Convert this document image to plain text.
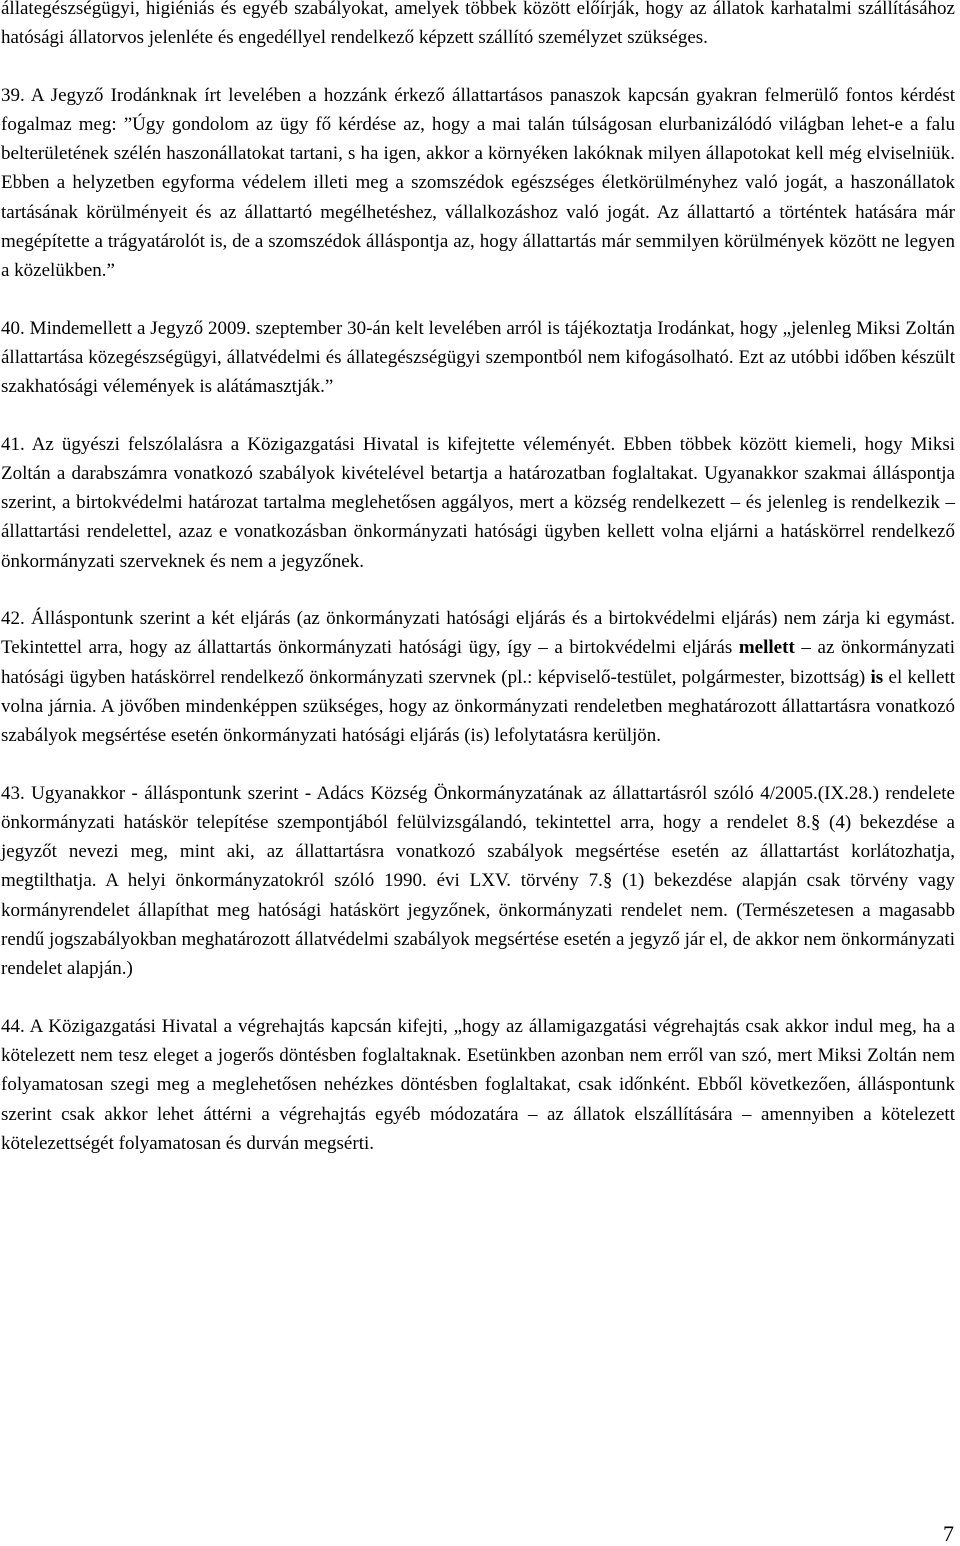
állategészségügyi, higiéniás és egyéb szabályokat, amelyek többek között előírják, hogy az állatok karhatalmi szállításához hatósági állatorvos jelenléte és engedéllyel rendelkező képzett szállító személyzet szükséges.

39. A Jegyző Irodánknak írt levelében a hozzánk érkező állattartásos panaszok kapcsán gyakran felmerülő fontos kérdést fogalmaz meg: ”Úgy gondolom az ügy fő kérdése az, hogy a mai talán túlságosan elurbanizálódó világban lehet-e a falu belterületének szélén haszonállatokat tartani, s ha igen, akkor a környéken lakóknak milyen állapotokat kell még elviselniük. Ebben a helyzetben egyforma védelem illeti meg a szomszédok egészséges életkörülményhez való jogát, a haszonállatok tartásának körülményeit és az állattartó megélhetéshez, vállalkozáshoz való jogát. Az állattartó a történtek hatására már megépítette a trágyatárolót is, de a szomszédok álláspontja az, hogy állattartás már semmilyen körülmények között ne legyen a közelükben.”

40. Mindemellett a Jegyző 2009. szeptember 30-án kelt levelében arról is tájékoztatja Irodánkat, hogy „jelenleg Miksi Zoltán állattartása közegészségügyi, állatvédelmi és állategészségügyi szempontból nem kifogásolható. Ezt az utóbbi időben készült szakhatósági vélemények is alátámasztják.”

41. Az ügyészi felszólalásra a Közigazgatási Hivatal is kifejtette véleményét. Ebben többek között kiemeli, hogy Miksi Zoltán a darabszámra vonatkozó szabályok kivételével betartja a határozatban foglaltakat. Ugyanakkor szakmai álláspontja szerint, a birtokvédelmi határozat tartalma meglehetősen aggályos, mert a község rendelkezett – és jelenleg is rendelkezik – állattartási rendelettel, azaz e vonatkozásban önkormányzati hatósági ügyben kellett volna eljárni a hatáskörrel rendelkező önkormányzati szerveknek és nem a jegyzőnek.

42. Álláspontunk szerint a két eljárás (az önkormányzati hatósági eljárás és a birtokvédelmi eljárás) nem zárja ki egymást. Tekintettel arra, hogy az állattartás önkormányzati hatósági ügy, így – a birtokvédelmi eljárás mellett – az önkormányzati hatósági ügyben hatáskörrel rendelkező önkormányzati szervnek (pl.: képviselő-testület, polgármester, bizottság) is el kellett volna járnia. A jövőben mindenképpen szükséges, hogy az önkormányzati rendeletben meghatározott állattartásra vonatkozó szabályok megsértése esetén önkormányzati hatósági eljárás (is) lefolytatásra kerüljön.

43. Ugyanakkor - álláspontunk szerint - Adács Község Önkormányzatának az állattartásról szóló 4/2005.(IX.28.) rendelete önkormányzati hatáskör telepítése szempontjából felülvizsgálandó, tekintettel arra, hogy a rendelet 8.§ (4) bekezdése a jegyzőt nevezi meg, mint aki, az állattartásra vonatkozó szabályok megsértése esetén az állattartást korlátozhatja, megtilthatja. A helyi önkormányzatokról szóló 1990. évi LXV. törvény 7.§ (1) bekezdése alapján csak törvény vagy kormányrendelet állapíthat meg hatósági hatáskört jegyzőnek, önkormányzati rendelet nem. (Természetesen a magasabb rendű jogszabályokban meghatározott állatvédelmi szabályok megsértése esetén a jegyző jár el, de akkor nem önkormányzati rendelet alapján.)

44. A Közigazgatási Hivatal a végrehajtás kapcsán kifejti, „hogy az államigazgatási végrehajtás csak akkor indul meg, ha a kötelezett nem tesz eleget a jogerős döntésben foglaltaknak. Esetünkben azonban nem erről van szó, mert Miksi Zoltán nem folyamatosan szegi meg a meglehetősen nehézkes döntésben foglaltakat, csak időnként. Ebből következően, álláspontunk szerint csak akkor lehet áttérni a végrehajtás egyéb módozatára – az állatok elszállítására – amennyiben a kötelezett kötelezettségét folyamatosan és durván megsérti.

7
